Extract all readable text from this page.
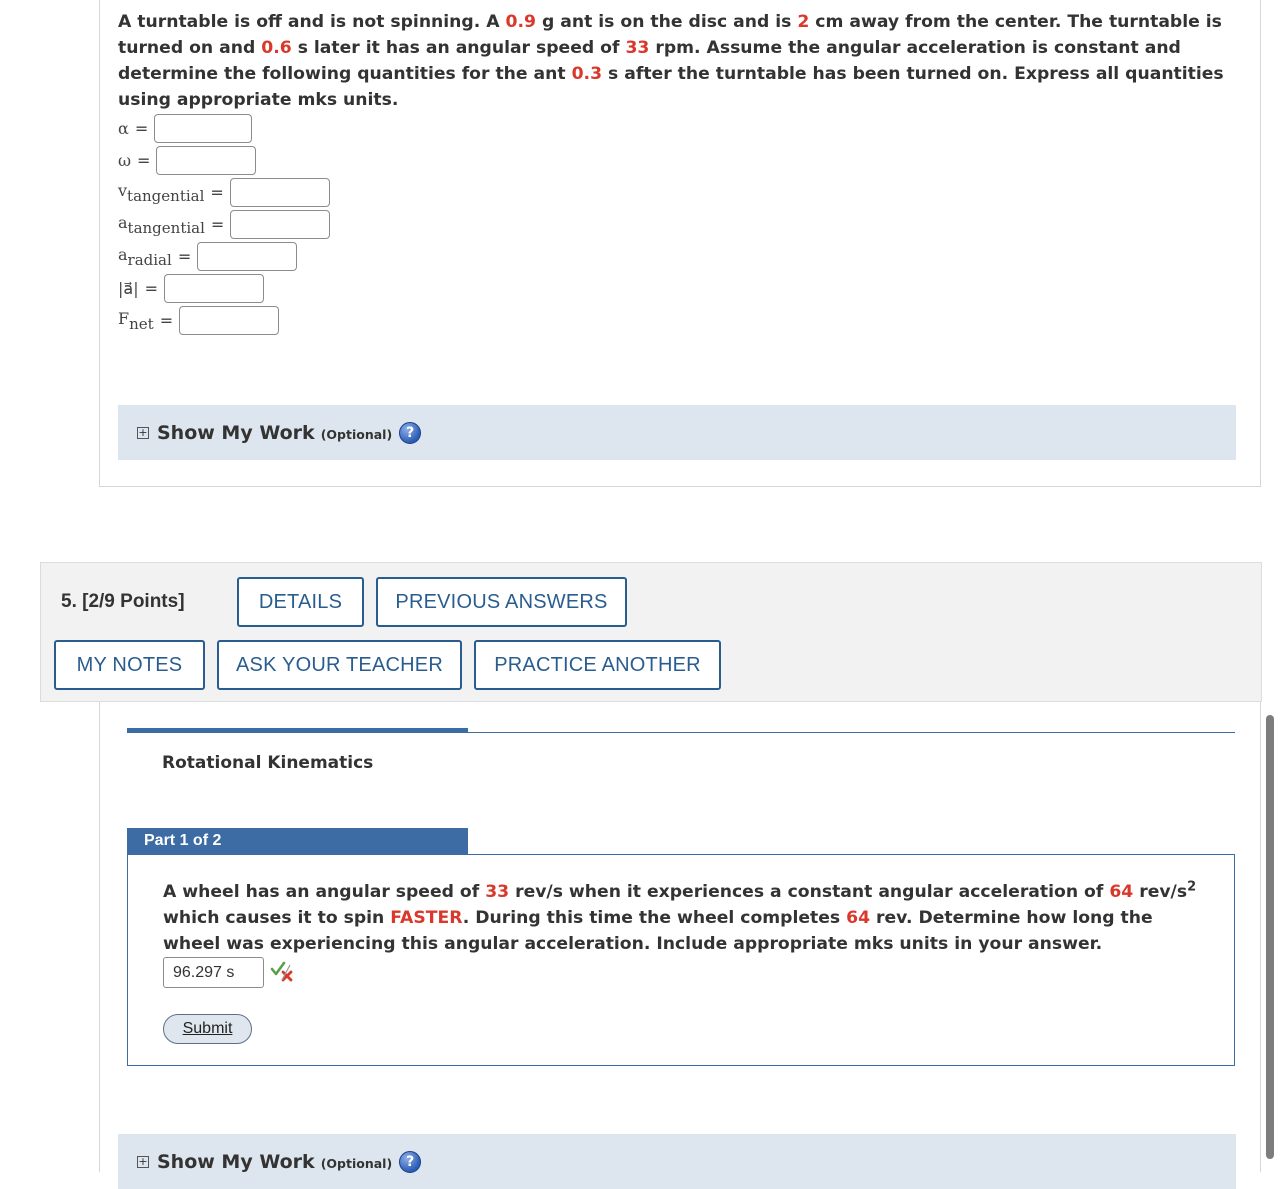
A turntable is off and is not spinning. A 0.9 g ant is on the disc and is 2 cm away from the center. The turntable is turned on and 0.6 s later it has an angular speed of 33 rpm. Assume the angular acceleration is constant and determine the following quantities for the ant 0.3 s after the turntable has been turned on. Express all quantities using appropriate mks units.
α =
ω =
$v_{tangential}$ =
$a_{tangential}$ =
$a_{radial}$ =
|a⃗| =
$F_{net}$ =
+ Show My Work (Optional) ?
5. [2/9 Points]	DETAILS	PREVIOUS ANSWERS
MY NOTES	ASK YOUR TEACHER	PRACTICE ANOTHER
Rotational Kinematics
Part 1 of 2
A wheel has an angular speed of 33 rev/s when it experiences a constant angular acceleration of 64 rev/$s^2$ which causes it to spin FASTER. During this time the wheel completes 64 rev. Determine how long the wheel was experiencing this angular acceleration. Include appropriate mks units in your answer.
96.297 s
Submit
+ Show My Work (Optional) ?
